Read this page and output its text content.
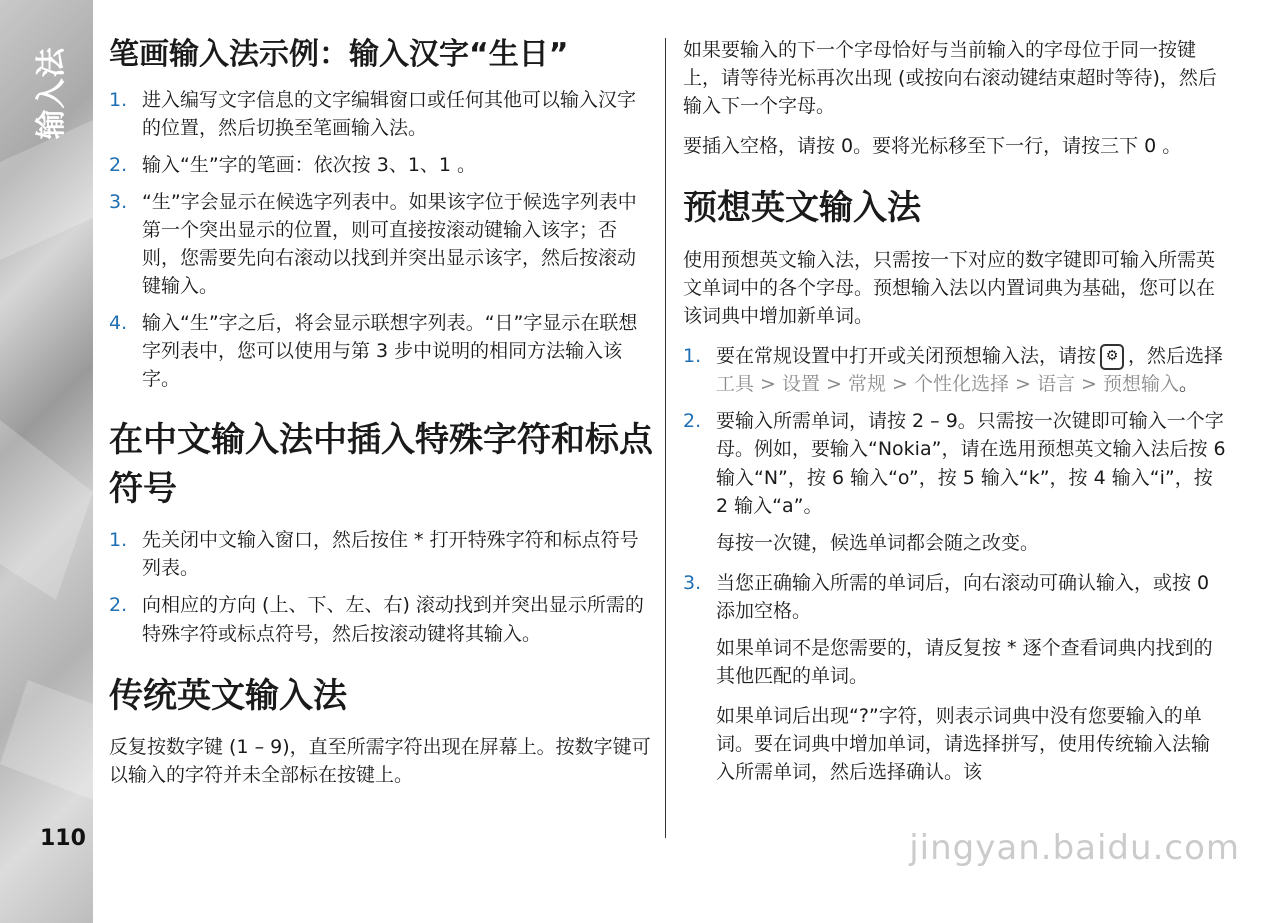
输入法
110
笔画输入法示例：输入汉字“生日”
1. 进入编写文字信息的文字编辑窗口或任何其他可以输入汉字的位置，然后切换至笔画输入法。
2. 输入“生”字的笔画：依次按 3、1、1 。
3. “生”字会显示在候选字列表中。如果该字位于候选字列表中第一个突出显示的位置，则可直接按滚动键输入该字；否则，您需要先向右滚动以找到并突出显示该字，然后按滚动键输入。
4. 输入“生”字之后，将会显示联想字列表。“日”字显示在联想字列表中，您可以使用与第 3 步中说明的相同方法输入该字。
在中文输入法中插入特殊字符和标点符号
1. 先关闭中文输入窗口，然后按住 * 打开特殊字符和标点符号列表。
2. 向相应的方向 (上、下、左、右) 滚动找到并突出显示所需的特殊字符或标点符号，然后按滚动键将其输入。
传统英文输入法

反复按数字键 (1 – 9)，直至所需字符出现在屏幕上。按数字键可以输入的字符并未全部标在按键上。

如果要输入的下一个字母恰好与当前输入的字母位于同一按键上，请等待光标再次出现 (或按向右滚动键结束超时等待)，然后输入下一个字母。

要插入空格，请按 0。要将光标移至下一行，请按三下 0 。

预想英文输入法

使用预想英文输入法，只需按一下对应的数字键即可输入所需英文单词中的各个字母。预想输入法以内置词典为基础，您可以在该词典中增加新单词。

1. 要在常规设置中打开或关闭预想输入法，请按 ⚙ ，然后选择工具 > 设置 > 常规 > 个性化选择 > 语言 > 预想输入。
2. 要输入所需单词，请按 2 – 9。只需按一次键即可输入一个字母。例如，要输入“Nokia”，请在选用预想英文输入法后按 6 输入“N”，按 6 输入“o”，按 5 输入“k”，按 4 输入“i”，按 2 输入“a”。

每按一次键，候选单词都会随之改变。

3. 当您正确输入所需的单词后，向右滚动可确认输入，或按 0 添加空格。

如果单词不是您需要的，请反复按 * 逐个查看词典内找到的其他匹配的单词。

如果单词后出现“?”字符，则表示词典中没有您要输入的单词。要在词典中增加单词，请选择拼写，使用传统输入法输入所需单词，然后选择确认。该

jingyan.baidu.com
